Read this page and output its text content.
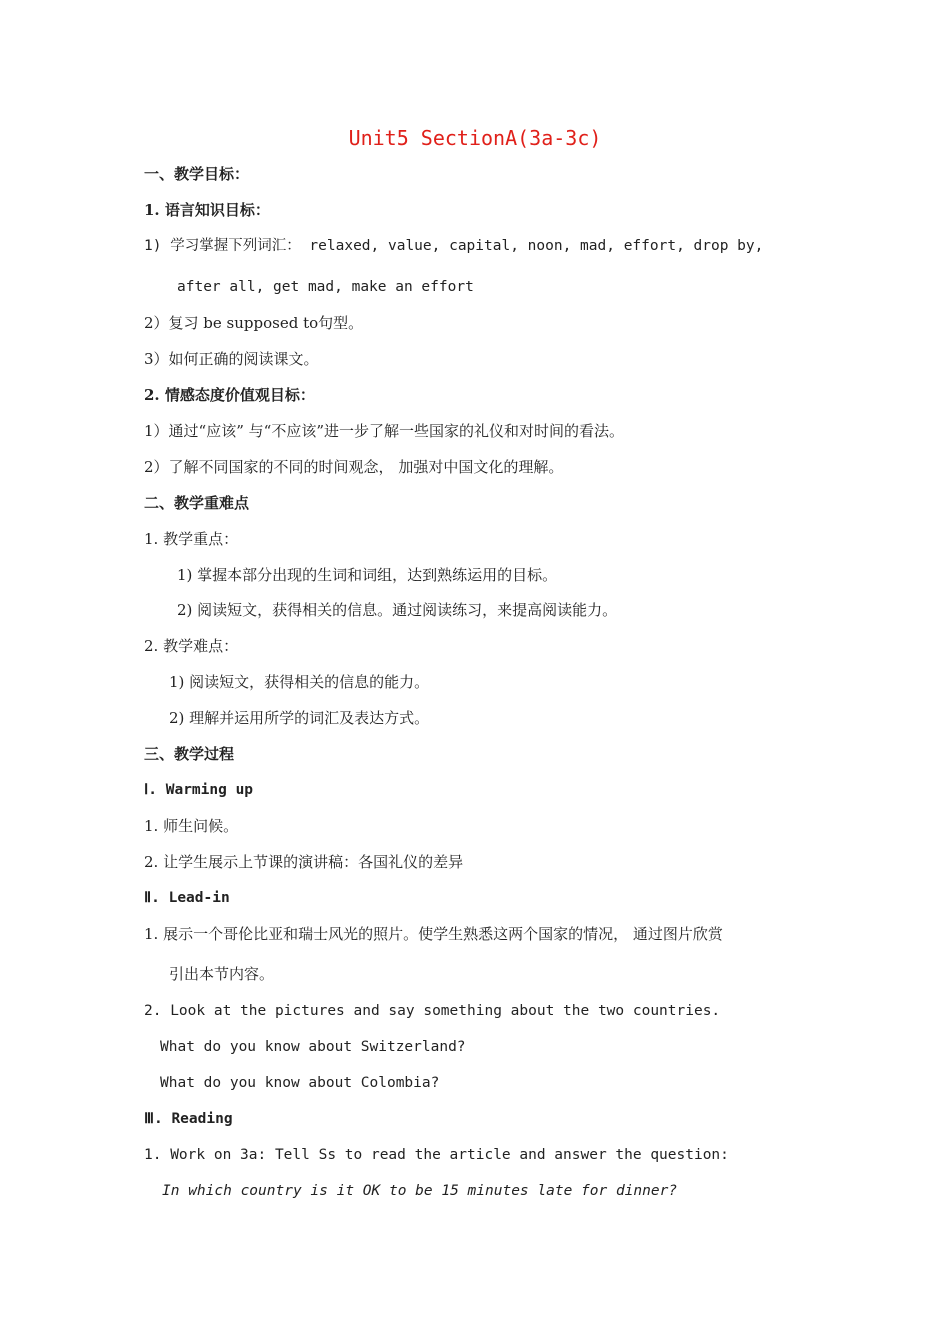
Unit5 SectionA(3a-3c)
一、教学目标：
1. 语言知识目标：
1) 学习掌握下列词汇： relaxed, value, capital, noon, mad, effort, drop by,
after all, get mad, make an effort
2）复习 be supposed to句型。
3）如何正确的阅读课文。
2. 情感态度价值观目标：
1）通过“应该” 与“不应该”进一步了解一些国家的礼仪和对时间的看法。
2）了解不同国家的不同的时间观念， 加强对中国文化的理解。
二、教学重难点
1. 教学重点：
1) 掌握本部分出现的生词和词组，达到熟练运用的目标。
2) 阅读短文，获得相关的信息。通过阅读练习，来提高阅读能力。
2. 教学难点：
1) 阅读短文，获得相关的信息的能力。
2) 理解并运用所学的词汇及表达方式。
三、教学过程
Ⅰ. Warming up
1. 师生问候。
2. 让学生展示上节课的演讲稿：各国礼仪的差异
Ⅱ. Lead-in
1. 展示一个哥伦比亚和瑞士风光的照片。使学生熟悉这两个国家的情况， 通过图片欣赏
引出本节内容。
2. Look at the pictures and say something about the two countries.
What do you know about Switzerland?
What do you know about Colombia?
Ⅲ. Reading
1. Work on 3a: Tell Ss to read the article and answer the question:
In which country is it OK to be 15 minutes late for dinner?
